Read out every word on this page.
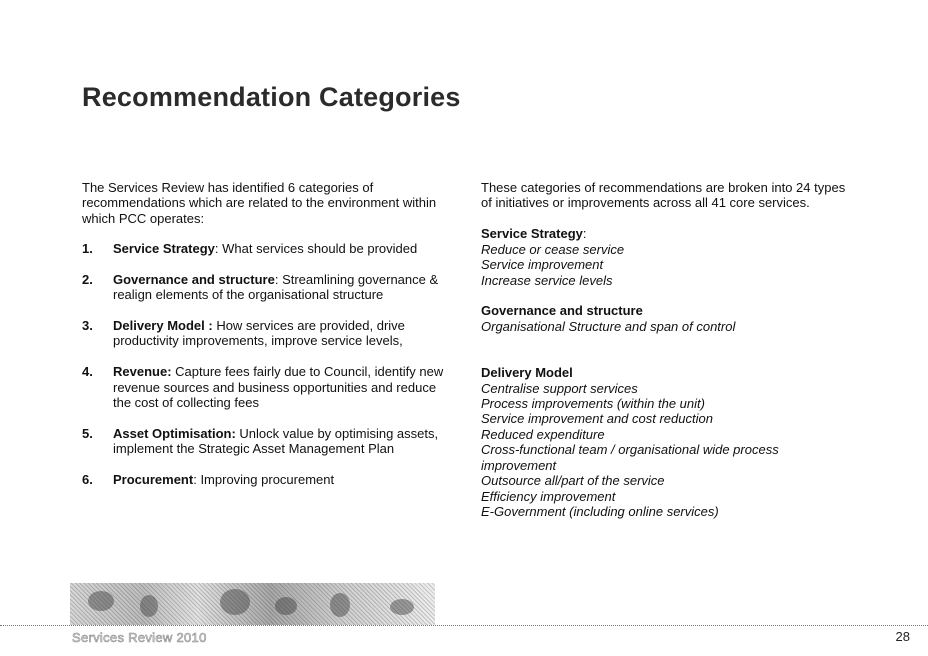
Recommendation Categories

The Services Review has identified 6 categories of recommendations which are related to the environment within which PCC operates:

1.	Service Strategy: What services should be provided
2.	Governance and structure: Streamlining governance & realign elements of the organisational structure
3.	Delivery Model : How services are provided, drive productivity improvements, improve service levels,
4.	Revenue: Capture fees fairly due to Council, identify new revenue sources and business opportunities and reduce the cost of collecting fees
5.	Asset Optimisation: Unlock value by optimising assets, implement the Strategic Asset Management Plan
6.	Procurement: Improving procurement

These categories of recommendations are broken into 24 types of initiatives or improvements across all 41 core services.

Service Strategy:
Reduce or cease service
Service improvement
Increase service levels
Governance and structure
Organisational Structure and span of control
Delivery Model
Centralise support services
Process improvements (within the unit)
Service improvement and cost reduction
Reduced expenditure
Cross-functional team / organisational wide process improvement
Outsource all/part of the service
Efficiency improvement
E-Government (including online services)
Services Review 2010	28
